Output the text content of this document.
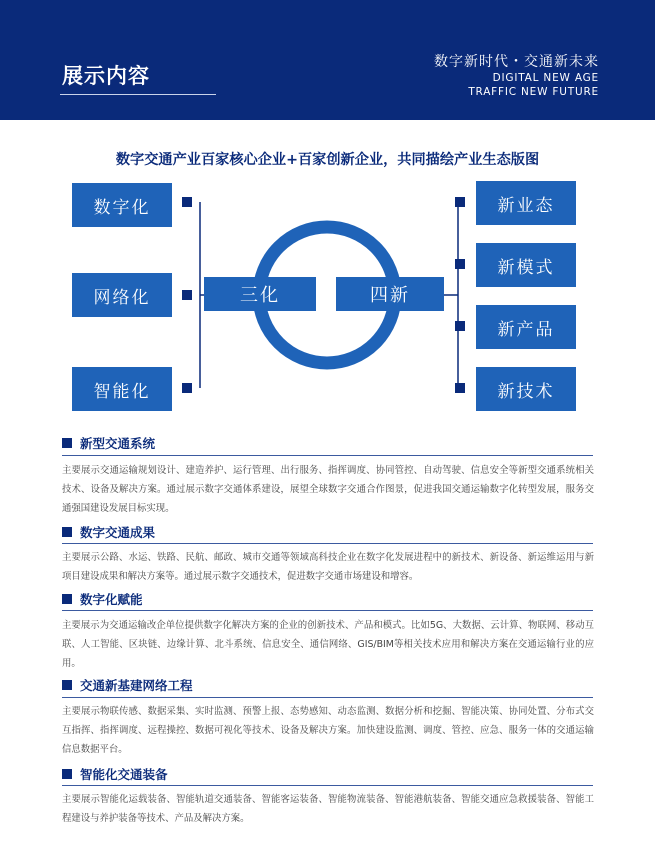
展示内容
数字新时代・交通新未来
DIGITAL NEW AGE
TRAFFIC NEW FUTURE
数字交通产业百家核心企业+百家创新企业，共同描绘产业生态版图
数字化
网络化
智能化
三化	四新
新业态
新模式
新产品
新技术
新型交通系统
主要展示交通运输规划设计、建造养护、运行管理、出行服务、指挥调度、协同管控、自动驾驶、信息安全等新型交通系统相关技术、设备及解决方案。通过展示数字交通体系建设，展望全球数字交通合作图景，促进我国交通运输数字化转型发展，服务交通强国建设发展目标实现。
数字交通成果
主要展示公路、水运、铁路、民航、邮政、城市交通等领域高科技企业在数字化发展进程中的新技术、新设备、新运维运用与新项目建设成果和解决方案等。通过展示数字交通技术，促进数字交通市场建设和增容。
数字化赋能
主要展示为交通运输改企单位提供数字化解决方案的企业的创新技术、产品和模式。比如5G、大数据、云计算、物联网、移动互联、人工智能、区块链、边缘计算、北斗系统、信息安全、通信网络、GIS/BIM等相关技术应用和解决方案在交通运输行业的应用。
交通新基建网络工程
主要展示物联传感、数据采集、实时监测、预警上报、态势感知、动态监测、数据分析和挖掘、智能决策、协同处置、分布式交互指挥、指挥调度、远程操控、数据可视化等技术、设备及解决方案。加快建设监测、调度、管控、应急、服务一体的交通运输信息数据平台。
智能化交通装备
主要展示智能化运载装备、智能轨道交通装备、智能客运装备、智能物流装备、智能港航装备、智能交通应急救援装备、智能工程建设与养护装备等技术、产品及解决方案。
